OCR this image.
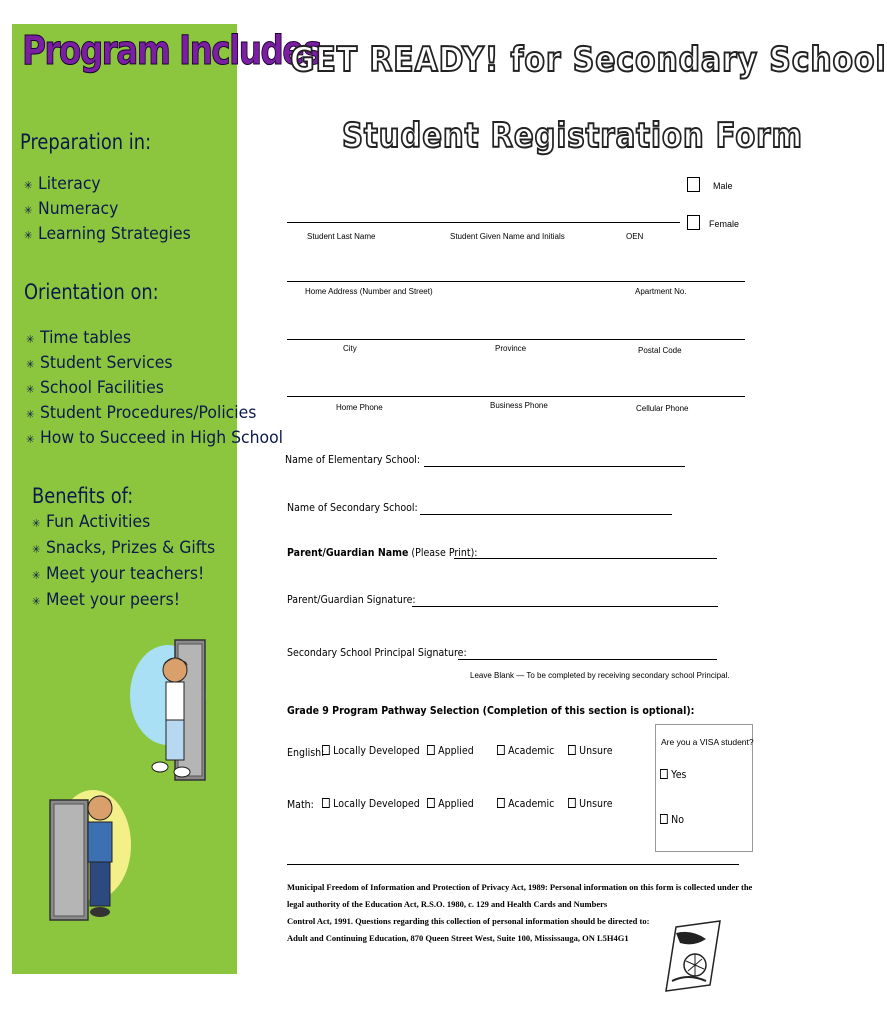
Program Includes
Preparation in:
✳ Literacy
✳ Numeracy
✳ Learning Strategies
Orientation on:
✳ Time tables
✳ Student Services
✳ School Facilities
✳ Student Procedures/Policies
✳ How to Succeed in High School
Benefits of:
✳ Fun Activities
✳ Snacks, Prizes & Gifts
✳ Meet your teachers!
✳ Meet your peers!
GET READY! for Secondary School
Student Registration Form
Male
Female
Student Last Name	Student Given Name and Initials	OEN
Home Address (Number and Street)	Apartment No.
City	Province	Postal Code
Home Phone	Business Phone	Cellular Phone
Name of Elementary School:
Name of Secondary School:
Parent/Guardian Name (Please Print):
Parent/Guardian Signature:
Secondary School Principal Signature:
Leave Blank — To be completed by receiving secondary school Principal.
Grade 9 Program Pathway Selection (Completion of this section is optional):
English: Locally Developed	Applied	Academic	Unsure
Math:	Locally Developed	Applied	Academic	Unsure
Are you a VISA student?
Yes
No
Municipal Freedom of Information and Protection of Privacy Act, 1989: Personal information on this form is collected under the legal authority of the Education Act, R.S.O. 1980, c. 129 and Health Cards and Numbers
Control Act, 1991. Questions regarding this collection of personal information should be directed to:
Adult and Continuing Education, 870 Queen Street West, Suite 100, Mississauga, ON L5H4G1
